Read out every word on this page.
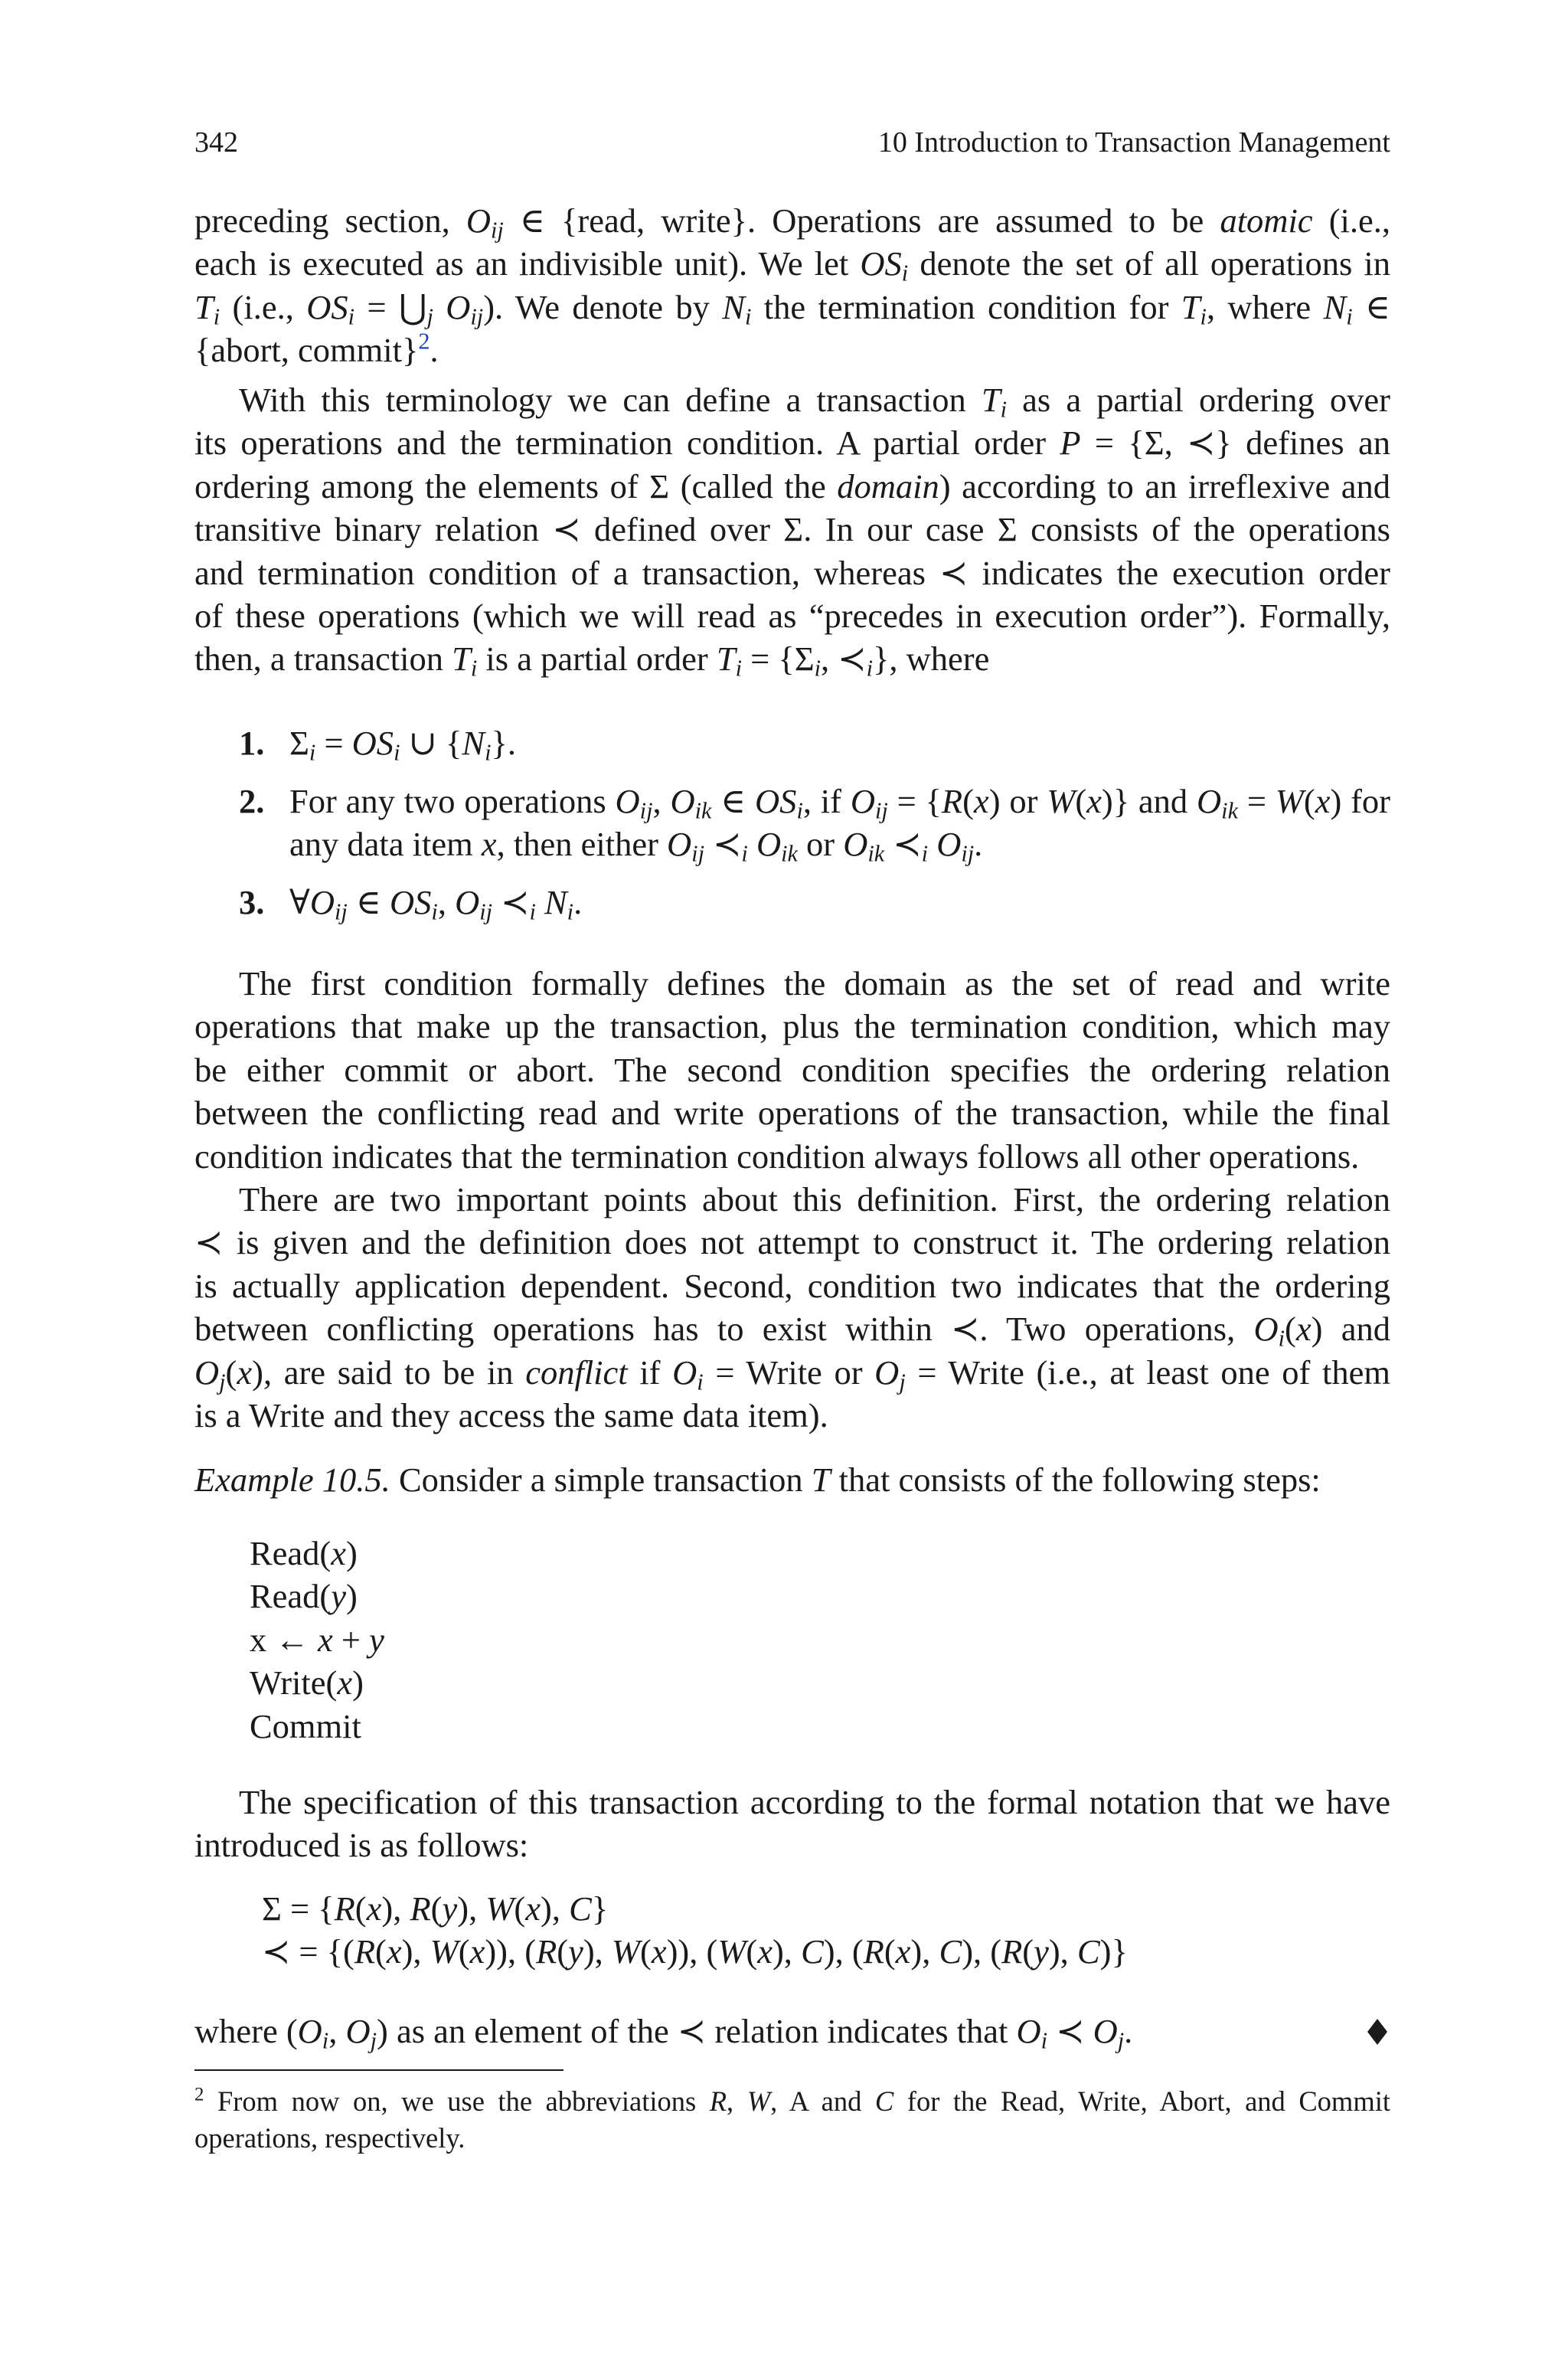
342	10 Introduction to Transaction Management
preceding section, $O_{ij}$ ∈ {read, write}. Operations are assumed to be atomic (i.e.,
each is executed as an indivisible unit). We let $OS_i$ denote the set of all operations in
$T_i$ (i.e., $OS_i$ = $⋃_j$ $O_{ij}$). We denote by $N_i$ the termination condition for $T_i$, where $N_i$ ∈
{abort, commit}$^2$.
With this terminology we can define a transaction $T_i$ as a partial ordering over
its operations and the termination condition. A partial order P = {Σ, ≺} defines an
ordering among the elements of Σ (called the domain) according to an irreflexive and
transitive binary relation ≺ defined over Σ. In our case Σ consists of the operations
and termination condition of a transaction, whereas ≺ indicates the execution order
of these operations (which we will read as “precedes in execution order”). Formally,
then, a transaction $T_i$ is a partial order $T_i = \{\Sigma_i$, $≺_i$}, where
1. $\Sigma_i = OS_i$ ∪ $\{N_i\}$.
2. For any two operations $O_{ij}$, $O_{ik}$ ∈ $OS_i$, if $O_{ij} = \{R(x)$ or W(x)} and $O_{ik} = W(x)$ for any data item x, then either $O_{ij}$ $≺_i$ $O_{ik}$ or $O_{ik}$ $≺_i$ $O_{ij}$.
3. $\forall O_{ij}$ ∈ $OS_i$, $O_{ij}$ $≺_i$ $N_i$.
The first condition formally defines the domain as the set of read and write
operations that make up the transaction, plus the termination condition, which may
be either commit or abort. The second condition specifies the ordering relation
between the conflicting read and write operations of the transaction, while the final
condition indicates that the termination condition always follows all other operations.
There are two important points about this definition. First, the ordering relation
≺ is given and the definition does not attempt to construct it. The ordering relation
is actually application dependent. Second, condition two indicates that the ordering
between conflicting operations has to exist within ≺. Two operations, $O_i(x)$ and
$O_j(x)$, are said to be in conflict if $O_i$ = Write or $O_j$ = Write (i.e., at least one of them
is a Write and they access the same data item).
Example 10.5. Consider a simple transaction T that consists of the following steps:
Read(x)
Read(y)
x ← x + y
Write(x)
Commit
The specification of this transaction according to the formal notation that we have
introduced is as follows:
Σ = {R(x), R(y), W(x), C}
≺ = {(R(x), W(x)), (R(y), W(x)), (W(x), C), (R(x), C), (R(y), C)}
where ($O_i$, $O_j$) as an element of the ≺ relation indicates that $O_i$ ≺ $O_j$.
$^2$ From now on, we use the abbreviations R, W, A and C for the Read, Write, Abort, and Commit
operations, respectively.
